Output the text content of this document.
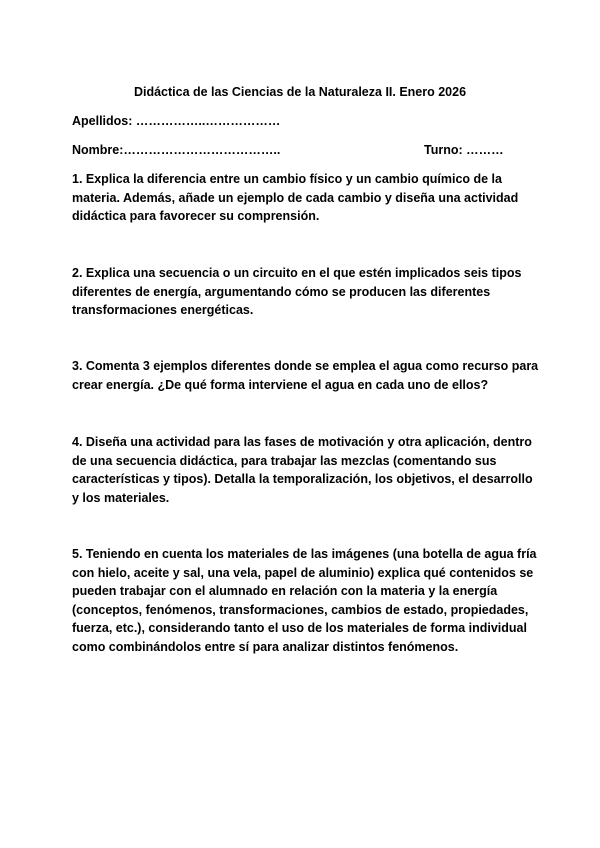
Didáctica de las Ciencias de la Naturaleza II. Enero 2026
Apellidos: ……………..………………
Nombre:………………………………..	Turno: ………
1. Explica la diferencia entre un cambio físico y un cambio químico de la
materia. Además, añade un ejemplo de cada cambio y diseña una actividad
didáctica para favorecer su comprensión.
2. Explica una secuencia o un circuito en el que estén implicados seis tipos
diferentes de energía, argumentando cómo se producen las diferentes
transformaciones energéticas.
3. Comenta 3 ejemplos diferentes donde se emplea el agua como recurso para
crear energía. ¿De qué forma interviene el agua en cada uno de ellos?
4. Diseña una actividad para las fases de motivación y otra aplicación, dentro
de una secuencia didáctica, para trabajar las mezclas (comentando sus
características y tipos). Detalla la temporalización, los objetivos, el desarrollo
y los materiales.
5. Teniendo en cuenta los materiales de las imágenes (una botella de agua fría
con hielo, aceite y sal, una vela, papel de aluminio) explica qué contenidos se
pueden trabajar con el alumnado en relación con la materia y la energía
(conceptos, fenómenos, transformaciones, cambios de estado, propiedades,
fuerza, etc.), considerando tanto el uso de los materiales de forma individual
como combinándolos entre sí para analizar distintos fenómenos.
